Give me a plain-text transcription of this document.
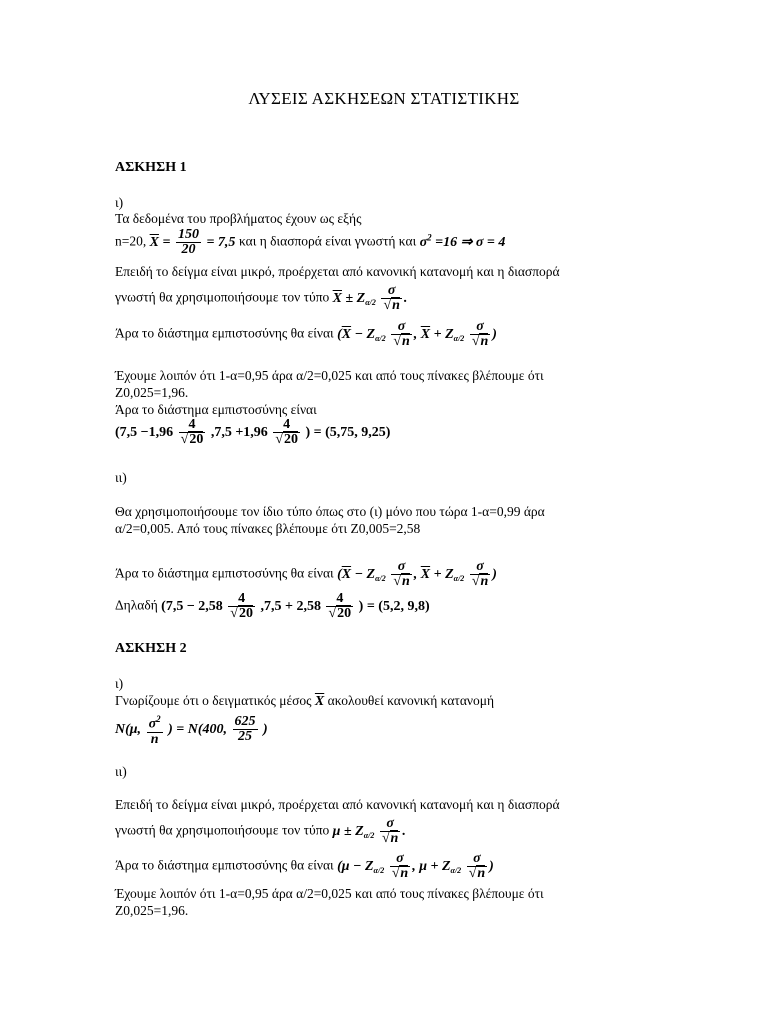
ΛΥΣΕΙΣ ΑΣΚΗΣΕΩΝ ΣΤΑΤΙΣΤΙΚΗΣ
ΑΣΚΗΣΗ 1
ι)
Τα δεδομένα του προβλήματος έχουν ως εξής
n=20, $\overline{X} = \frac{150}{20} = 7,5$ και η διασπορά είναι γνωστή και $\sigma^2 =16$ ⇒ σ = 4
Επειδή το δείγμα είναι μικρό, προέρχεται από κανονική κατανομή και η διασπορά
γνωστή θα χρησιμοποιήσουμε τον τύπο $\overline{X} \pm Z_{\alpha/2} \frac{\sigma}{√n}$ .
Άρα το διάστημα εμπιστοσύνης θα είναι ($\overline{X} - Z_{\alpha/2} \frac{\sigma}{√n}$ , $\overline{X} + Z_{\alpha/2} \frac{\sigma}{√n}$ )
Έχουμε λοιπόν ότι 1-α=0,95 άρα α/2=0,025 και από τους πίνακες βλέπουμε ότι
Z0,025=1,96.
Άρα το διάστημα εμπιστοσύνης είναι
($7,5 -1,96 \frac{4}{√20} ,7,5 +1,96 \frac{4}{√20}$ ) = (5,75, 9,25)
ιι)
Θα χρησιμοποιήσουμε τον ίδιο τύπο όπως στο (ι) μόνο που τώρα 1-α=0,99 άρα
α/2=0,005. Από τους πίνακες βλέπουμε ότι Z0,005=2,58
Άρα το διάστημα εμπιστοσύνης θα είναι ($\overline{X} - Z_{\alpha/2} \frac{\sigma}{√n}$ , $\overline{X} + Z_{\alpha/2} \frac{\sigma}{√n}$ )
Δηλαδή ($7,5 - 2,58 \frac{4}{√20} ,7,5 + 2,58 \frac{4}{√20}$ ) = (5,2, 9,8)
ΑΣΚΗΣΗ 2
ι)
Γνωρίζουμε ότι ο δειγματικός μέσος $\overline{X}$ ακολουθεί κανονική κατανομή
N(μ, $\frac{\sigma^2}{n}$ ) = N(400, $\frac{625}{25}$ )
ιι)
Επειδή το δείγμα είναι μικρό, προέρχεται από κανονική κατανομή και η διασπορά
γνωστή θα χρησιμοποιήσουμε τον τύπο $\mu \pm Z_{\alpha/2} \frac{\sigma}{√n}$ .
Άρα το διάστημα εμπιστοσύνης θα είναι ($\mu - Z_{\alpha/2} \frac{\sigma}{√n}$ , $\mu + Z_{\alpha/2} \frac{\sigma}{√n}$ )
Έχουμε λοιπόν ότι 1-α=0,95 άρα α/2=0,025 και από τους πίνακες βλέπουμε ότι
Z0,025=1,96.
